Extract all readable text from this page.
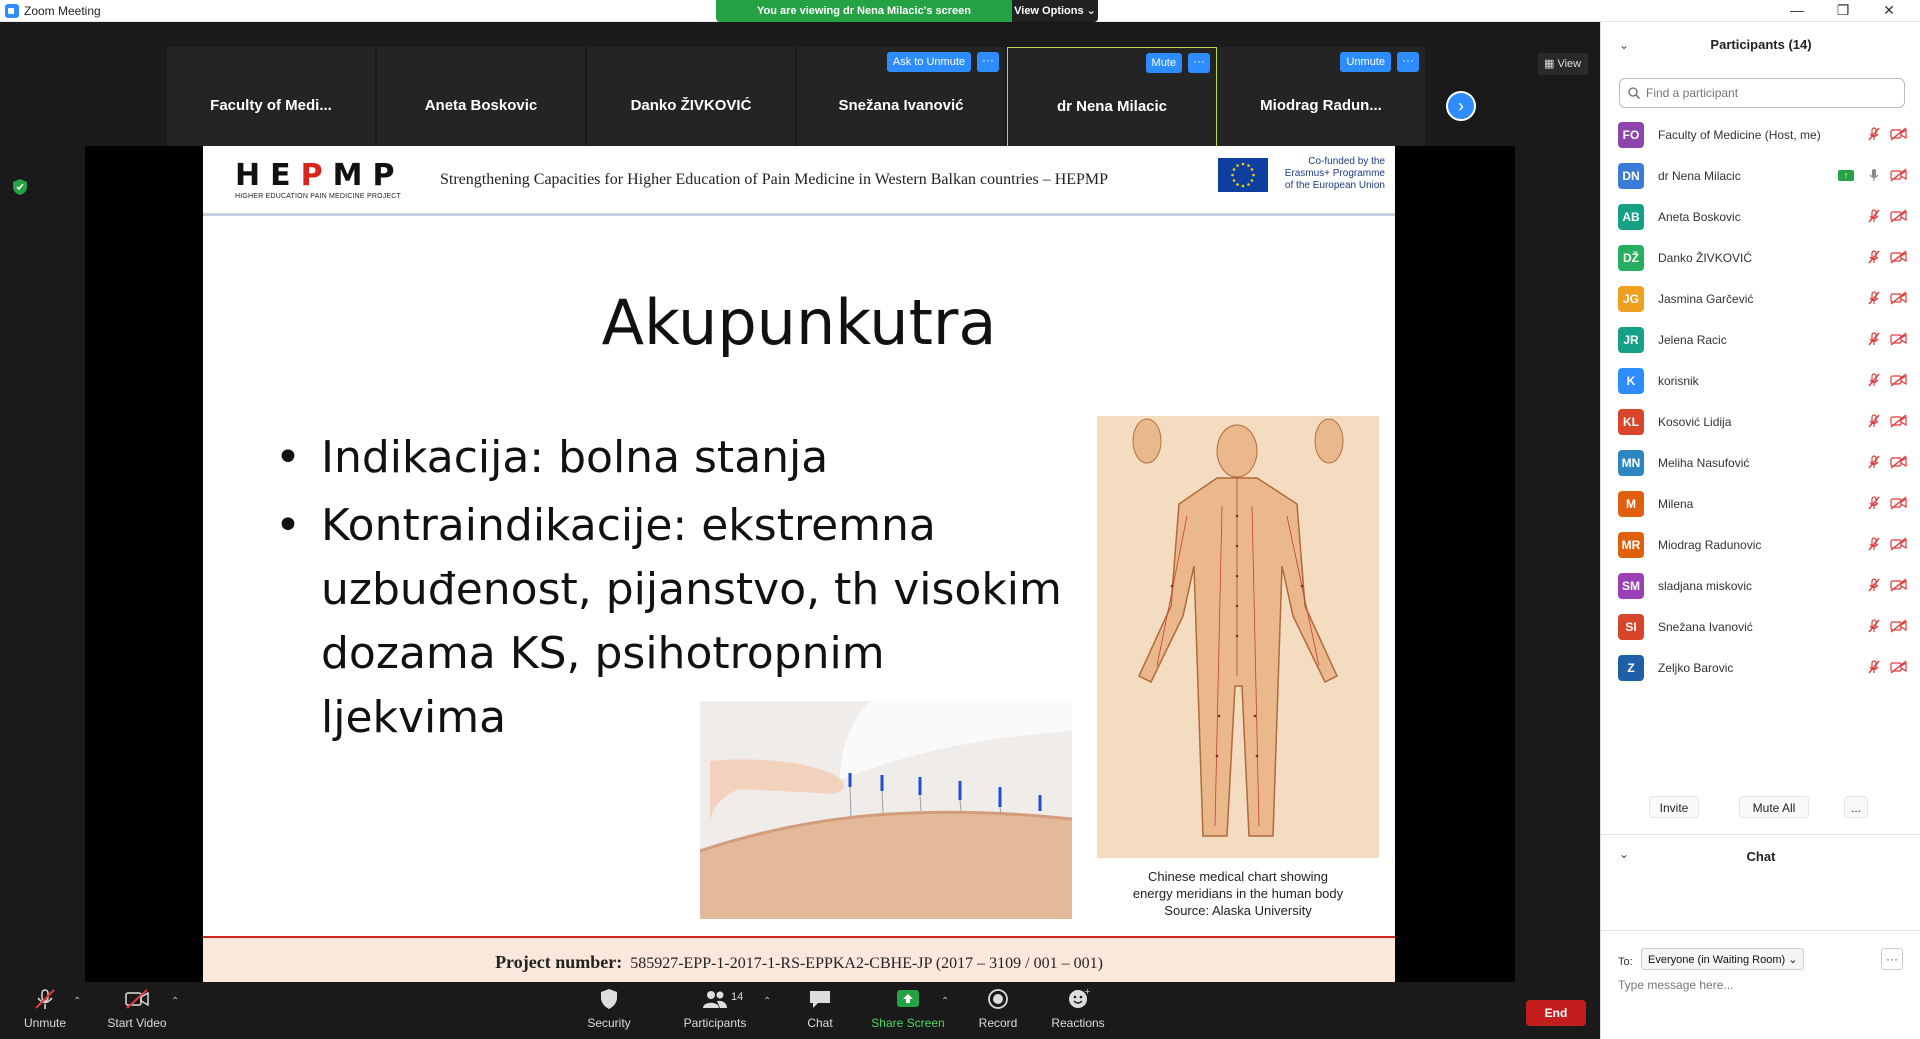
Zoom Meeting	—	❐	✕
You are viewing dr Nena Milacic's screen	View Options ⌄
Faculty of Medi...	Aneta Boskovic	Danko ŽIVKOVIĆ
Ask to Unmute	···
Snežana Ivanović
Mute	···
dr Nena Milacic
Unmute	···
Miodrag Radun...	›
▦ View
HEPMP
HIGHER EDUCATION PAIN MEDICINE PROJECT
Strengthening Capacities for Higher Education of Pain Medicine in Western Balkan countries – HEPMP
Co-funded by the
Erasmus+ Programme
of the European Union
Akupunkutra
• Indikacija: bolna stanja
• Kontraindikacije: ekstremna uzbuđenost, pijanstvo, th visokim dozama KS, psihotropnim ljekvima
Chinese medical chart showing
energy meridians in the human body
Source: Alaska University
Project number: 585927-EPP-1-2017-1-RS-EPPKA2-CBHE-JP (2017 – 3109 / 001 – 001)
Unmute
⌃
Start Video
⌃
Security	Participants
14 ⌃
Chat	Share Screen
⌃
Record
+
Reactions
End
⌄	Participants (14)
Find a participant
FO	Faculty of Medicine (Host, me)
DN	dr Nena Milacic	↑
AB	Aneta Boskovic
DŽ	Danko ŽIVKOVIĆ
JG	Jasmina Garčević
JR	Jelena Racic
K	korisnik
KL	Kosović Lidija
MN	Meliha Nasufović
M	Milena
MR	Miodrag Radunovic
SM	sladjana miskovic
SI	Snežana Ivanović
Z	Zeljko Barovic
Invite	Mute All	...
⌄	Chat
To:	Everyone (in Waiting Room) ⌄	···
Type message here...
